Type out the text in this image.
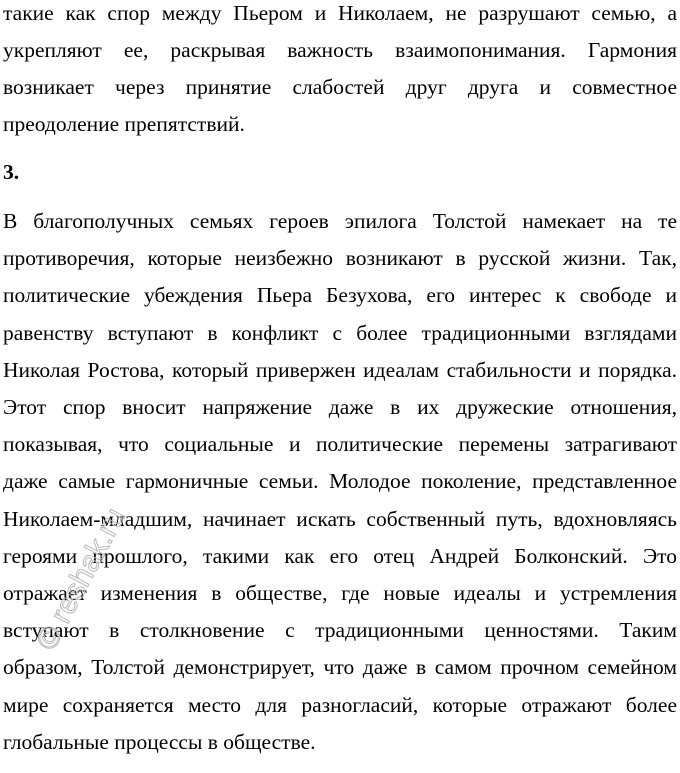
такие как спор между Пьером и Николаем, не разрушают семью, а
укрепляют ее, раскрывая важность взаимопонимания. Гармония
возникает через принятие слабостей друг друга и совместное
преодоление препятствий.
3.
В благополучных семьях героев эпилога Толстой намекает на те
противоречия, которые неизбежно возникают в русской жизни. Так,
политические убеждения Пьера Безухова, его интерес к свободе и
равенству вступают в конфликт с более традиционными взглядами
Николая Ростова, который привержен идеалам стабильности и порядка.
Этот спор вносит напряжение даже в их дружеские отношения,
показывая, что социальные и политические перемены затрагивают
даже самые гармоничные семьи. Молодое поколение, представленное
Николаем-младшим, начинает искать собственный путь, вдохновляясь
героями прошлого, такими как его отец Андрей Болконский. Это
отражает изменения в обществе, где новые идеалы и устремления
вступают в столкновение с традиционными ценностями. Таким
образом, Толстой демонстрирует, что даже в самом прочном семейном
мире сохраняется место для разногласий, которые отражают более
глобальные процессы в обществе.
© reshak.ru
